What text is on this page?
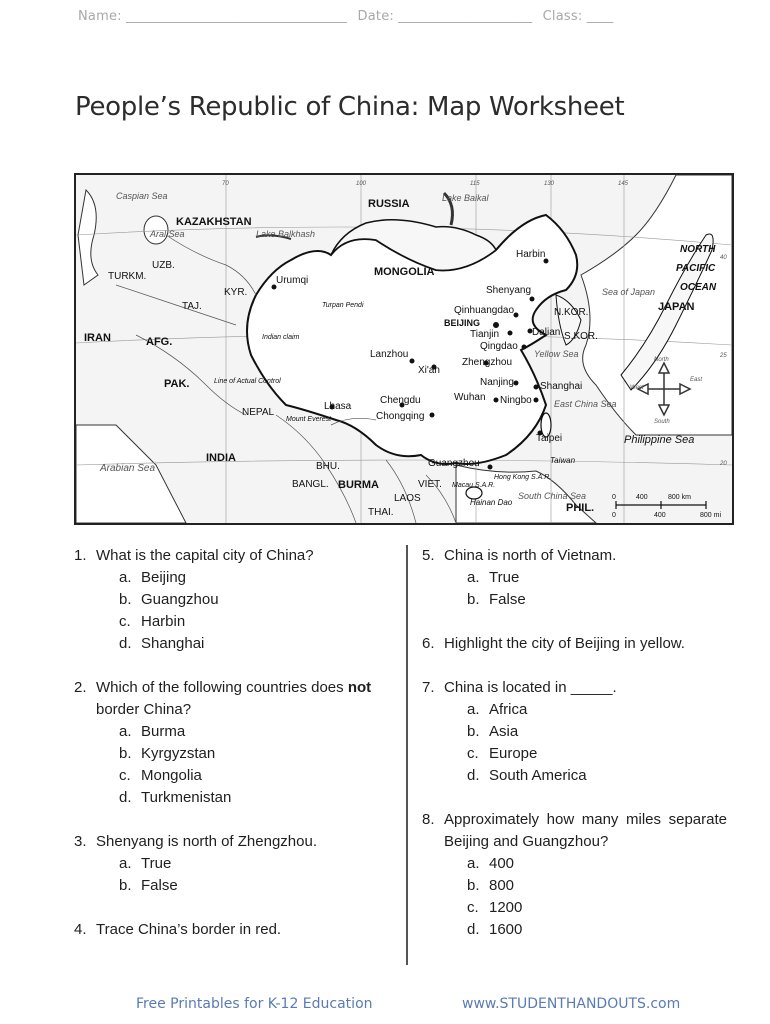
Name: _________________________________ Date: ____________________ Class: ____
People’s Republic of China: Map Worksheet
RUSSIA
KAZAKHSTAN
MONGOLIA
IRAN	AFG.
PAK.
INDIA
NEPAL
BURMA
JAPAN
TURKM.
UZB.
KYR.
TAJ.
N.KOR.
S.KOR.
PHIL.
VIET.
LAOS
THAI.
BANGL.
BHU.
Harbin
Urumqi
Shenyang
Qinhuangdao
BEIJING
Tianjin	Dalian
Qingdao
Lanzhou
Xi'an
Zhengzhou
Nanjing	Shanghai
Ningbo
Wuhan
Chengdu
Chongqing
Lhasa
Taipei
Guangzhou
Hong Kong S.A.R.
Macau S.A.R.
Hainan Dao
Mount Everest
Taiwan
Caspian Sea
Aral Sea	Lake Balkhash
Lake Baikal
Sea of Japan
Yellow Sea
East China Sea
Philippine Sea
South China Sea
Arabian Sea
NORTH
PACIFIC
OCEAN
Turpan Pendi
Indian claim
Line of Actual Control
North
South
West
East
0	400	800 km
0	400	800 mi
70	100	115	130	145
40
25
20
1. What is the capital city of China?
a. Beijing
b. Guangzhou
c. Harbin
d. Shanghai
2. Which of the following countries does not border China?
a. Burma
b. Kyrgyzstan
c. Mongolia
d. Turkmenistan
3. Shenyang is north of Zhengzhou.
a. True
b. False
4. Trace China’s border in red.
5. China is north of Vietnam.
a. True
b. False
6. Highlight the city of Beijing in yellow.
7. China is located in _____.
a. Africa
b. Asia
c. Europe
d. South America
8. Approximately how many miles separate Beijing and Guangzhou?
a. 400
b. 800
c. 1200
d. 1600
Free Printables for K-12 Education	www.STUDENTHANDOUTS.com
